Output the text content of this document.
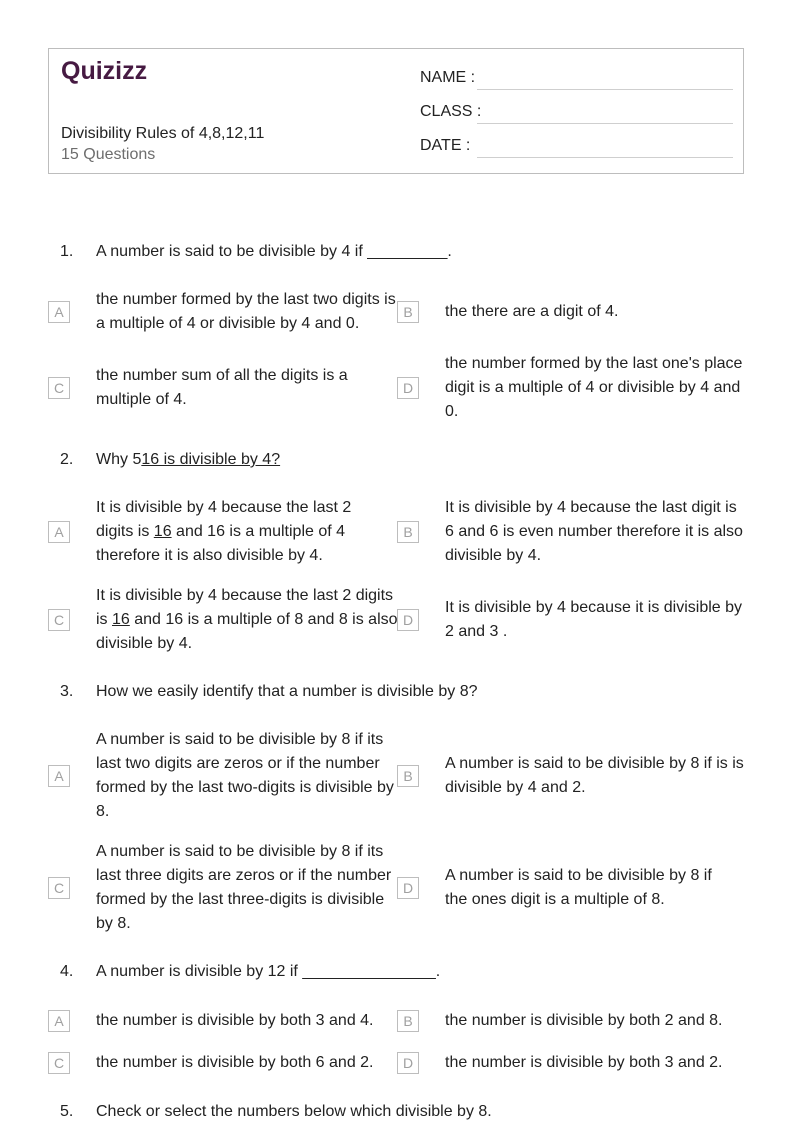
Quizizz
Divisibility Rules of 4,8,12,11
15 Questions
NAME :
CLASS :
DATE :
1. A number is said to be divisible by 4 if _________.
A
the number formed by the last two digits is a multiple of 4 or divisible by 4 and 0.
B	the there are a digit of 4.
C
the number sum of all the digits is a multiple of 4.
D
the number formed by the last one's place digit is a multiple of 4 or divisible by 4 and 0.
2. Why 516 is divisible by 4?
A
It is divisible by 4 because the last 2 digits is 16 and 16 is a multiple of 4 therefore it is also divisible by 4.
B
It is divisible by 4 because the last digit is 6 and 6 is even number therefore it is also divisible by 4.
C
It is divisible by 4 because the last 2 digits is 16 and 16 is a multiple of 8 and 8 is also divisible by 4.
D
It is divisible by 4 because it is divisible by 2 and 3 .
3. How we easily identify that a number is divisible by 8?
A
A number is said to be divisible by 8 if its last two digits are zeros or if the number formed by the last two-digits is divisible by 8.
B
A number is said to be divisible by 8 if is is divisible by 4 and 2.
C
A number is said to be divisible by 8 if its last three digits are zeros or if the number formed by the last three-digits is divisible by 8.
D
A number is said to be divisible by 8 if the ones digit is a multiple of 8.
4. A number is divisible by 12 if _______________.
A	the number is divisible by both 3 and 4.	B	the number is divisible by both 2 and 8.
C	the number is divisible by both 6 and 2.	D	the number is divisible by both 3 and 2.
5. Check or select the numbers below which divisible by 8.
